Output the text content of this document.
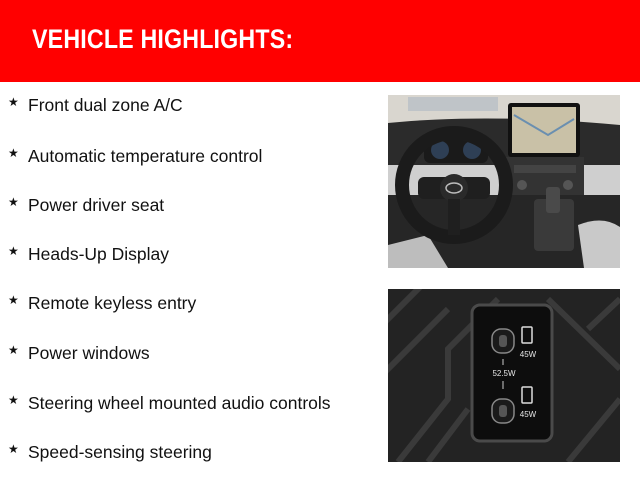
VEHICLE HIGHLIGHTS:
★ Front dual zone A/C
★ Automatic temperature control
★ Power driver seat
★ Heads-Up Display
★ Remote keyless entry
★ Power windows
★ Steering wheel mounted audio controls
★ Speed-sensing steering
45W
52.5W
45W
